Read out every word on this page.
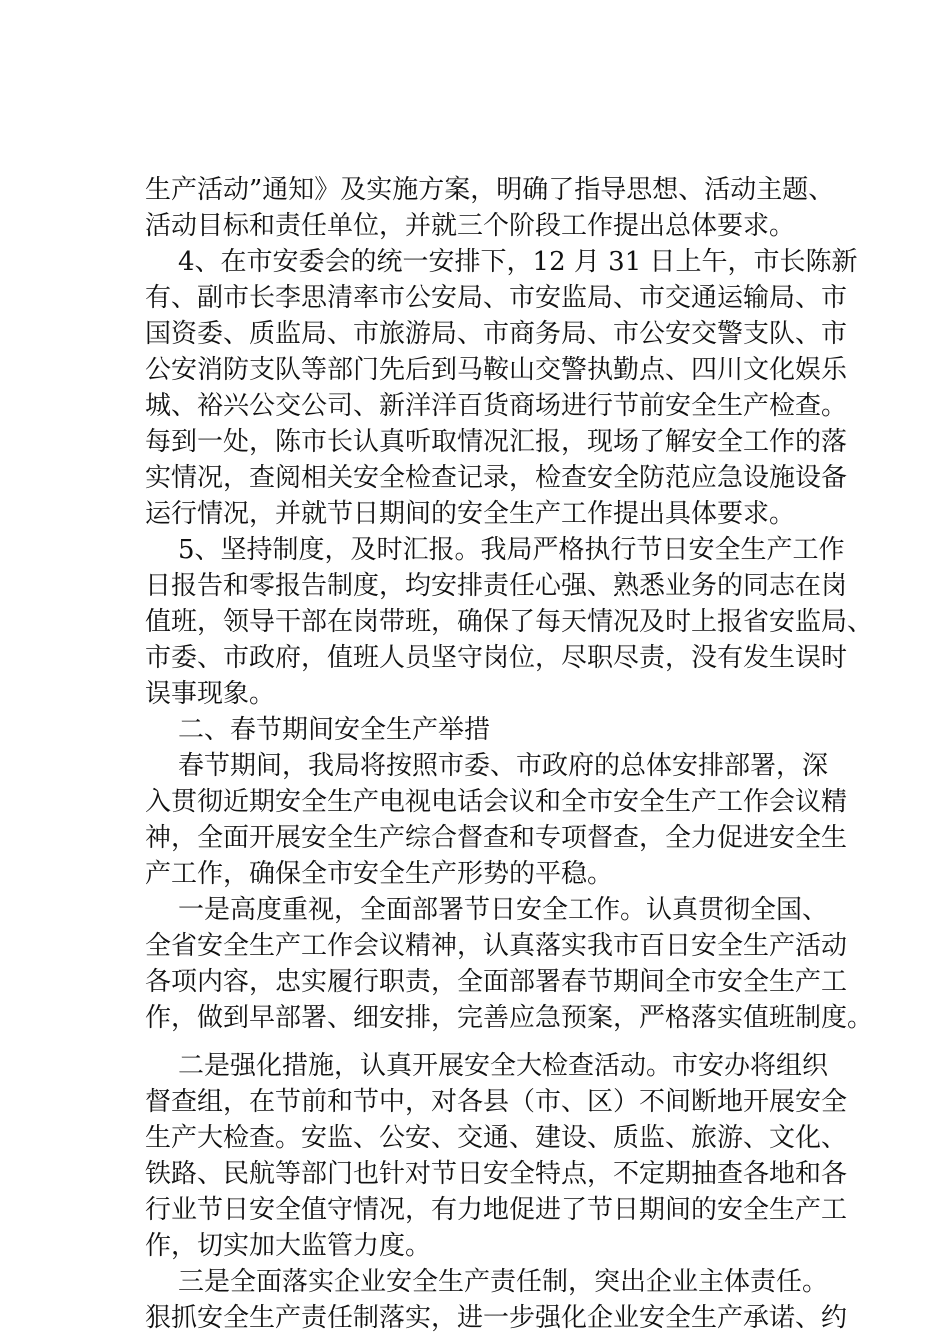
生产活动”通知》及实施方案，明确了指导思想、活动主题、
活动目标和责任单位，并就三个阶段工作提出总体要求。
4、在市安委会的统一安排下，12 月 31 日上午，市长陈新
有、副市长李思清率市公安局、市安监局、市交通运输局、市
国资委、质监局、市旅游局、市商务局、市公安交警支队、市
公安消防支队等部门先后到马鞍山交警执勤点、四川文化娱乐
城、裕兴公交公司、新洋洋百货商场进行节前安全生产检查。
每到一处，陈市长认真听取情况汇报，现场了解安全工作的落
实情况，查阅相关安全检查记录，检查安全防范应急设施设备
运行情况，并就节日期间的安全生产工作提出具体要求。
5、坚持制度，及时汇报。我局严格执行节日安全生产工作
日报告和零报告制度，均安排责任心强、熟悉业务的同志在岗
值班，领导干部在岗带班，确保了每天情况及时上报省安监局、
市委、市政府，值班人员坚守岗位，尽职尽责，没有发生误时
误事现象。
二、春节期间安全生产举措
春节期间，我局将按照市委、市政府的总体安排部署，深
入贯彻近期安全生产电视电话会议和全市安全生产工作会议精
神，全面开展安全生产综合督查和专项督查，全力促进安全生
产工作，确保全市安全生产形势的平稳。
一是高度重视，全面部署节日安全工作。认真贯彻全国、
全省安全生产工作会议精神，认真落实我市百日安全生产活动
各项内容，忠实履行职责，全面部署春节期间全市安全生产工
作，做到早部署、细安排，完善应急预案，严格落实值班制度。
二是强化措施，认真开展安全大检查活动。市安办将组织
督查组，在节前和节中，对各县（市、区）不间断地开展安全
生产大检查。安监、公安、交通、建设、质监、旅游、文化、
铁路、民航等部门也针对节日安全特点，不定期抽查各地和各
行业节日安全值守情况，有力地促进了节日期间的安全生产工
作，切实加大监管力度。
三是全面落实企业安全生产责任制，突出企业主体责任。
狠抓安全生产责任制落实，进一步强化企业安全生产承诺、约
